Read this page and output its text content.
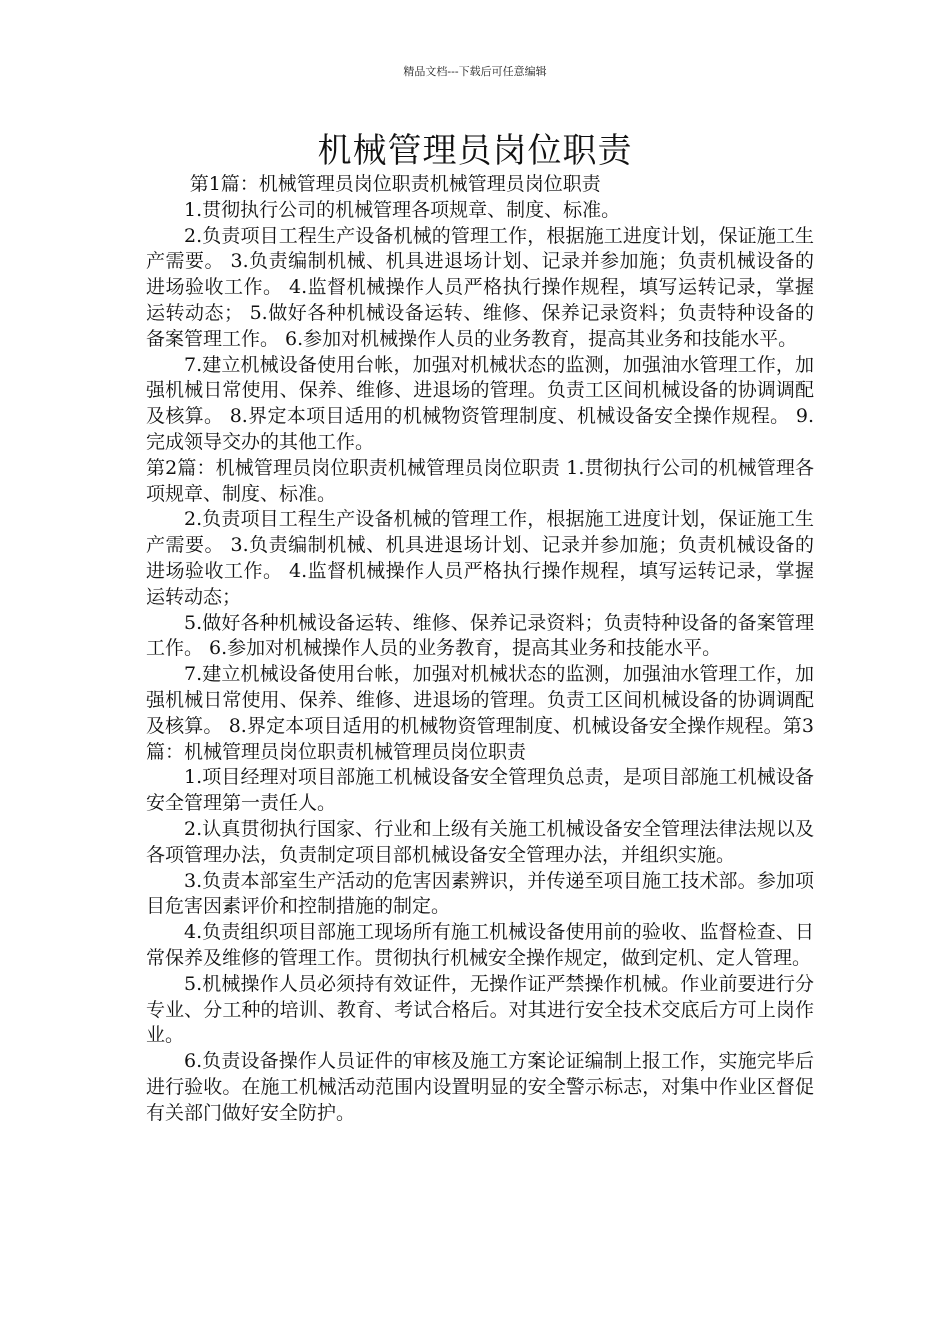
精品文档---下载后可任意编辑
机械管理员岗位职责

第1篇：机械管理员岗位职责机械管理员岗位职责

1.贯彻执行公司的机械管理各项规章、制度、标准。

2.负责项目工程生产设备机械的管理工作，根据施工进度计划，保证施工生产需要。 3.负责编制机械、机具进退场计划、记录并参加施；负责机械设备的进场验收工作。 4.监督机械操作人员严格执行操作规程，填写运转记录，掌握运转动态； 5.做好各种机械设备运转、维修、保养记录资料；负责特种设备的备案管理工作。 6.参加对机械操作人员的业务教育，提高其业务和技能水平。

7.建立机械设备使用台帐，加强对机械状态的监测，加强油水管理工作，加强机械日常使用、保养、维修、进退场的管理。负责工区间机械设备的协调调配及核算。 8.界定本项目适用的机械物资管理制度、机械设备安全操作规程。 9.完成领导交办的其他工作。

第2篇：机械管理员岗位职责机械管理员岗位职责 1.贯彻执行公司的机械管理各项规章、制度、标准。

2.负责项目工程生产设备机械的管理工作，根据施工进度计划，保证施工生产需要。 3.负责编制机械、机具进退场计划、记录并参加施；负责机械设备的进场验收工作。 4.监督机械操作人员严格执行操作规程，填写运转记录，掌握运转动态；

5.做好各种机械设备运转、维修、保养记录资料；负责特种设备的备案管理工作。 6.参加对机械操作人员的业务教育，提高其业务和技能水平。

7.建立机械设备使用台帐，加强对机械状态的监测，加强油水管理工作，加强机械日常使用、保养、维修、进退场的管理。负责工区间机械设备的协调调配及核算。 8.界定本项目适用的机械物资管理制度、机械设备安全操作规程。第3篇：机械管理员岗位职责机械管理员岗位职责

1.项目经理对项目部施工机械设备安全管理负总责，是项目部施工机械设备安全管理第一责任人。

2.认真贯彻执行国家、行业和上级有关施工机械设备安全管理法律法规以及各项管理办法，负责制定项目部机械设备安全管理办法，并组织实施。

3.负责本部室生产活动的危害因素辨识，并传递至项目施工技术部。参加项目危害因素评价和控制措施的制定。

4.负责组织项目部施工现场所有施工机械设备使用前的验收、监督检查、日常保养及维修的管理工作。贯彻执行机械安全操作规定，做到定机、定人管理。

5.机械操作人员必须持有效证件，无操作证严禁操作机械。作业前要进行分专业、分工种的培训、教育、考试合格后。对其进行安全技术交底后方可上岗作业。

6.负责设备操作人员证件的审核及施工方案论证编制上报工作，实施完毕后进行验收。在施工机械活动范围内设置明显的安全警示标志，对集中作业区督促有关部门做好安全防护。
